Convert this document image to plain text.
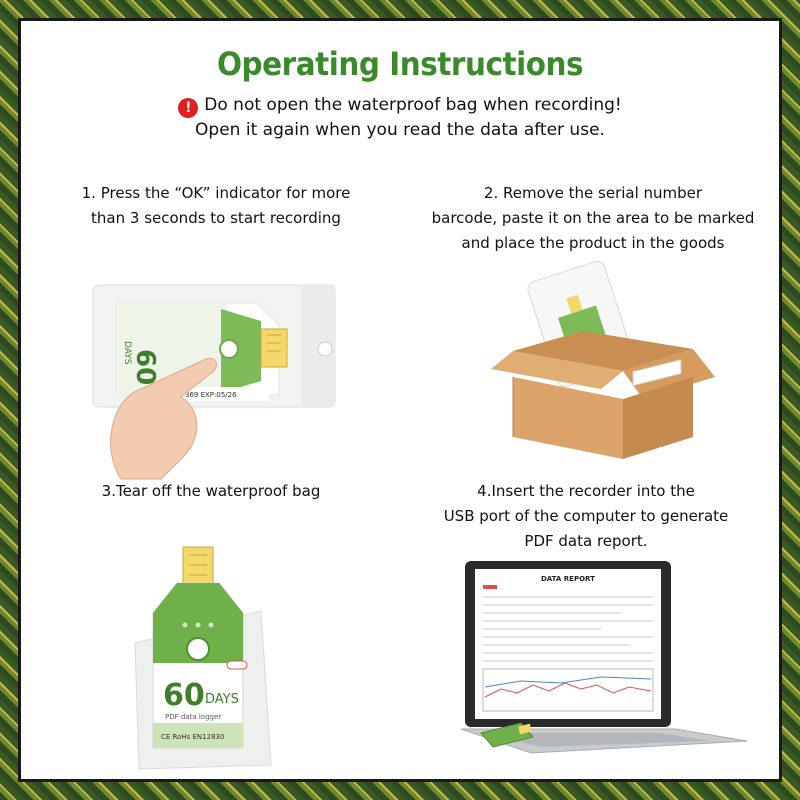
Operating Instructions
! Do not open the waterproof bag when recording!
Open it again when you read the data after use.
1. Press the “OK” indicator for more
than 3 seconds to start recording
2. Remove the serial number
barcode, paste it on the area to be marked
and place the product in the goods
60
DAYS
369 EXP:05/26
3.Tear off the waterproof bag	4.Insert the recorder into the
USB port of the computer to generate
PDF data report.
60 DAYS
PDF data logger
CE RoHs EN12830
DATA REPORT
